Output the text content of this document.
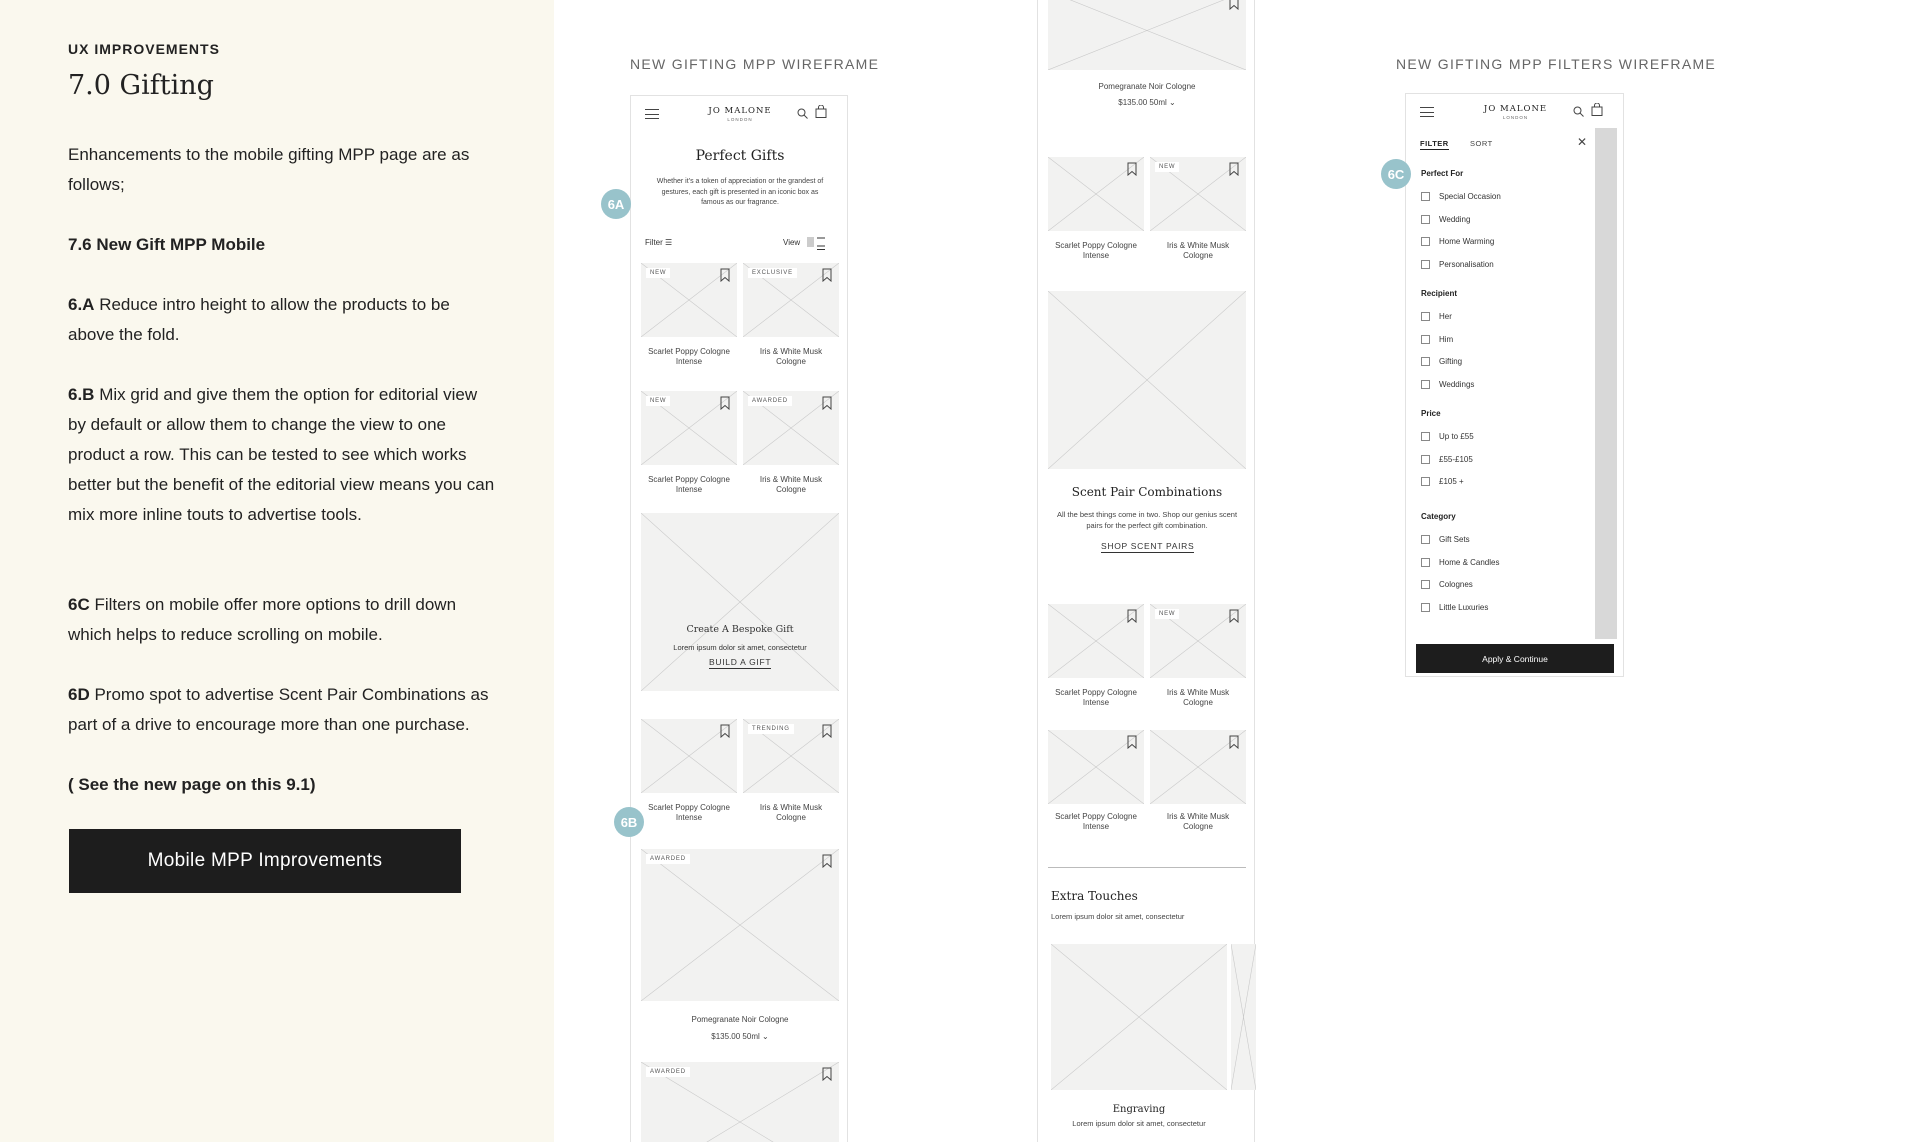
UX IMPROVEMENTS
7.0 Gifting
Enhancements to the mobile gifting MPP page are as follows;
7.6 New Gift MPP Mobile
6.A Reduce intro height to allow the products to be above the fold.
6.B Mix grid and give them the option for editorial view by default or allow them to change the view to one product a row. This can be tested to see which works better but the benefit of the editorial view means you can mix more inline touts to advertise tools.
6C Filters on mobile offer more options to drill down which helps to reduce scrolling on mobile.
6D Promo spot to advertise Scent Pair Combinations as part of a drive to encourage more than one purchase.
( See the new page on this 9.1)
Mobile MPP Improvements
NEW GIFTING MPP WIREFRAME	NEW GIFTING MPP FILTERS WIREFRAME
JO MALONE
LONDON
Perfect Gifts
Whether it’s a token of appreciation or the grandest of gestures, each gift is presented in an iconic box as famous as our fragrance.
Filter ☰	View
NEW	EXCLUSIVE
Scarlet Poppy Cologne
Intense
Iris & White Musk
Cologne
NEW	AWARDED
Scarlet Poppy Cologne
Intense
Iris & White Musk
Cologne
Create A Bespoke Gift
Lorem ipsum dolor sit amet, consectetur
BUILD A GIFT
TRENDING
Scarlet Poppy Cologne
Intense
Iris & White Musk
Cologne
AWARDED
Pomegranate Noir Cologne
$135.00 50ml ⌄
AWARDED
Pomegranate Noir Cologne
$135.00 50ml ⌄
NEW
Scarlet Poppy Cologne
Intense
Iris & White Musk
Cologne
Scent Pair Combinations
All the best things come in two. Shop our genius scent pairs for the perfect gift combination.
SHOP SCENT PAIRS
NEW
Scarlet Poppy Cologne
Intense
Iris & White Musk
Cologne
Scarlet Poppy Cologne
Intense
Iris & White Musk
Cologne
Extra Touches
Lorem ipsum dolor sit amet, consectetur
Engraving
Lorem ipsum dolor sit amet, consectetur
JO MALONE
LONDON
FILTER	SORT	✕
Apply & Continue
Perfect For
Special Occasion
Wedding
Home Warming
Personalisation
Recipient
Her
Him
Gifting
Weddings
Price
Up to £55
£55-£105
£105 +
Category
Gift Sets
Home & Candles
Colognes
Little Luxuries
6A
6B
6C
